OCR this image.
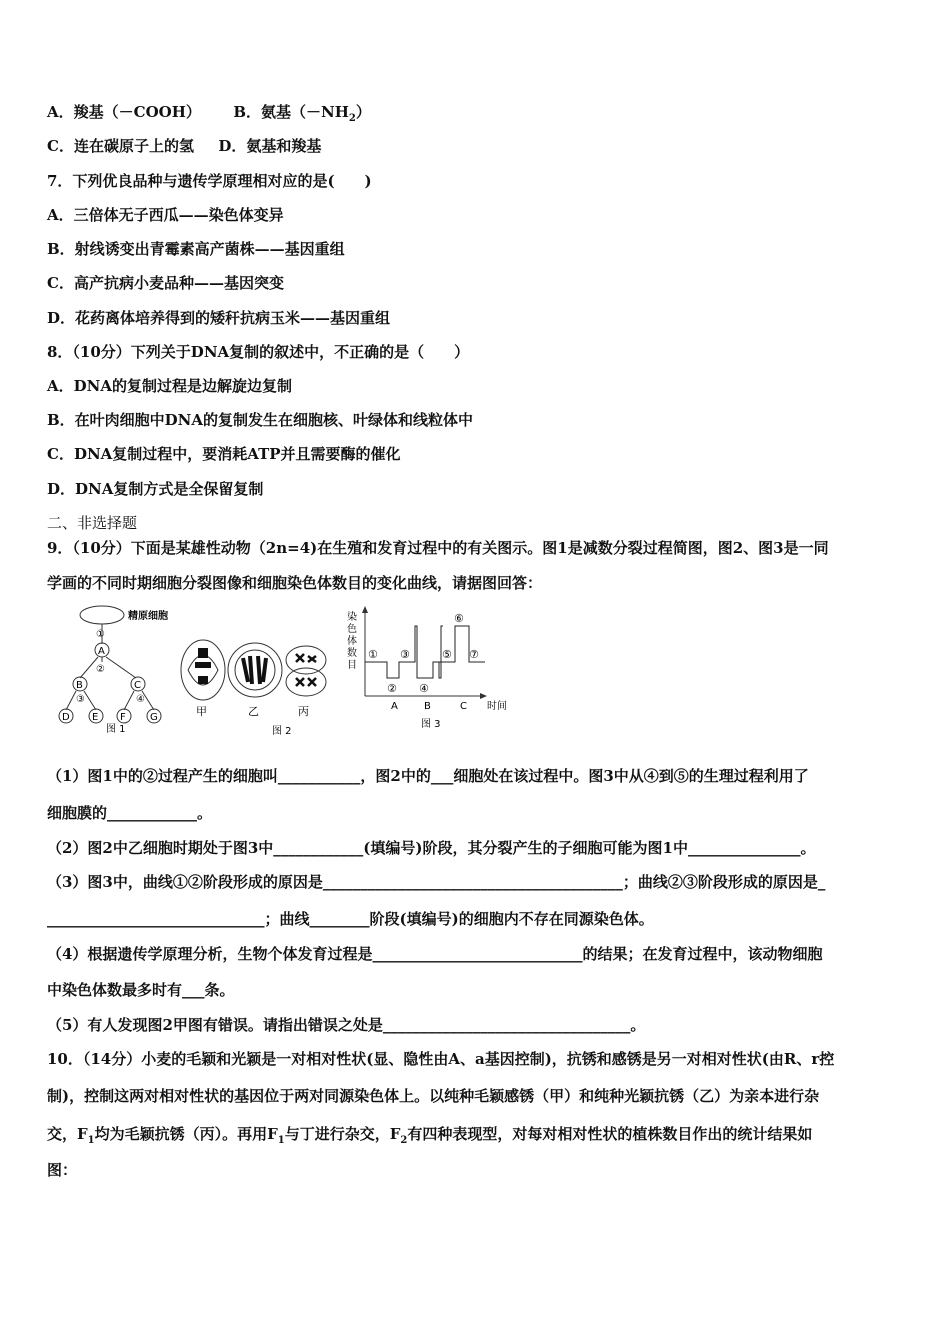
A．羧基（－COOH） B．氨基$(-NH_2)$
C．连在碳原子上的氢 D．氨基和羧基
7．下列优良品种与遗传学原理相对应的是(　　)
A．三倍体无子西瓜——染色体变异
B．射线诱变出青霉素高产菌株——基因重组
C．高产抗病小麦品种——基因突变
D．花药离体培养得到的矮秆抗病玉米——基因重组
8．（10分）下列关于DNA复制的叙述中，不正确的是（　　）
A．DNA的复制过程是边解旋边复制
B．在叶肉细胞中DNA的复制发生在细胞核、叶绿体和线粒体中
C．DNA复制过程中，要消耗ATP并且需要酶的催化
D．DNA复制方式是全保留复制
二、非选择题
9．（10分）下面是某雄性动物（2n=4)在生殖和发育过程中的有关图示。图1是减数分裂过程简图，图2、图3是一同
学画的不同时期细胞分裂图像和细胞染色体数目的变化曲线，请据图回答：
精原细胞
①
A
②
B	C
③	④
D E F G
图 1
甲	乙	丙
图 2
染
色
体
数
目
①
②
③
④
⑤
⑥
⑦
A	B	C 时间
图 3
（1）图1中的②过程产生的细胞叫___________，图2中的___细胞处在该过程中。图3中从④到⑤的生理过程利用了
细胞膜的____________。
（2）图2中乙细胞时期处于图3中____________(填编号)阶段，其分裂产生的子细胞可能为图1中_______________。
（3）图3中，曲线①②阶段形成的原因是________________________________________；曲线②③阶段形成的原因是_
_____________________________；曲线________阶段(填编号)的细胞内不存在同源染色体。
（4）根据遗传学原理分析，生物个体发育过程是____________________________的结果；在发育过程中，该动物细胞
中染色体数最多时有___条。
（5）有人发现图2甲图有错误。请指出错误之处是_________________________________。
10．（14分）小麦的毛颖和光颖是一对相对性状(显、隐性由A、a基因控制)，抗锈和感锈是另一对相对性状(由R、r控
制)，控制这两对相对性状的基因位于两对同源染色体上。以纯种毛颖感锈（甲）和纯种光颖抗锈（乙）为亲本进行杂
交，$F_1$均为毛颖抗锈（丙）。再用$F_1$与丁进行杂交，$F_2$有四种表现型，对每对相对性状的植株数目作出的统计结果如
图：
